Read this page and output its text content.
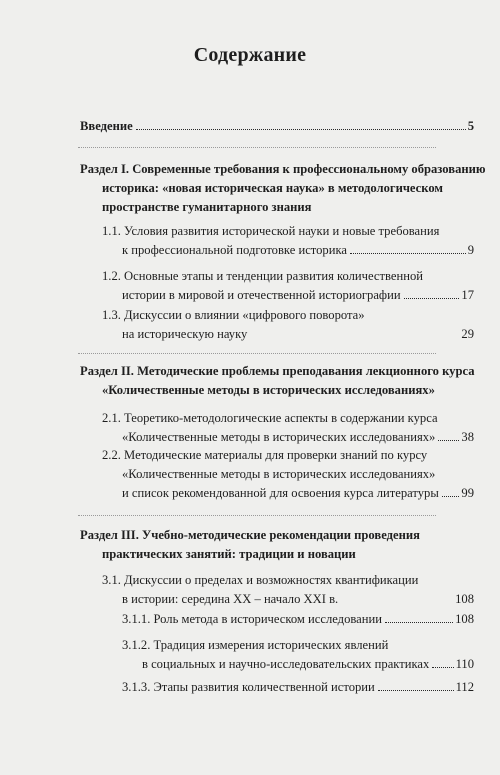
Содержание
Введение	5
Раздел I. Современные требования к профессиональному образованию
историка: «новая историческая наука» в методологическом
пространстве гуманитарного знания
1.1. Условия развития исторической науки и новые требования
к профессиональной подготовке историка	9
1.2. Основные этапы и тенденции развития количественной
истории в мировой и отечественной историографии	17
1.3. Дискуссии о влиянии «цифрового поворота»
на историческую науку	29
Раздел II. Методические проблемы преподавания лекционного курса
«Количественные методы в исторических исследованиях»
2.1. Теоретико-методологические аспекты в содержании курса
«Количественные методы в исторических исследованиях» 38
2.2. Методические материалы для проверки знаний по курсу
«Количественные методы в исторических исследованиях»
и список рекомендованной для освоения курса литературы 99
Раздел III. Учебно-методические рекомендации проведения
практических занятий: традиции и новации
3.1. Дискуссии о пределах и возможностях квантификации
в истории: середина XX – начало XXI в.	108
3.1.1. Роль метода в историческом исследовании	108
3.1.2. Традиция измерения исторических явлений
в социальных и научно-исследовательских практиках 110
3.1.3. Этапы развития количественной истории	112
